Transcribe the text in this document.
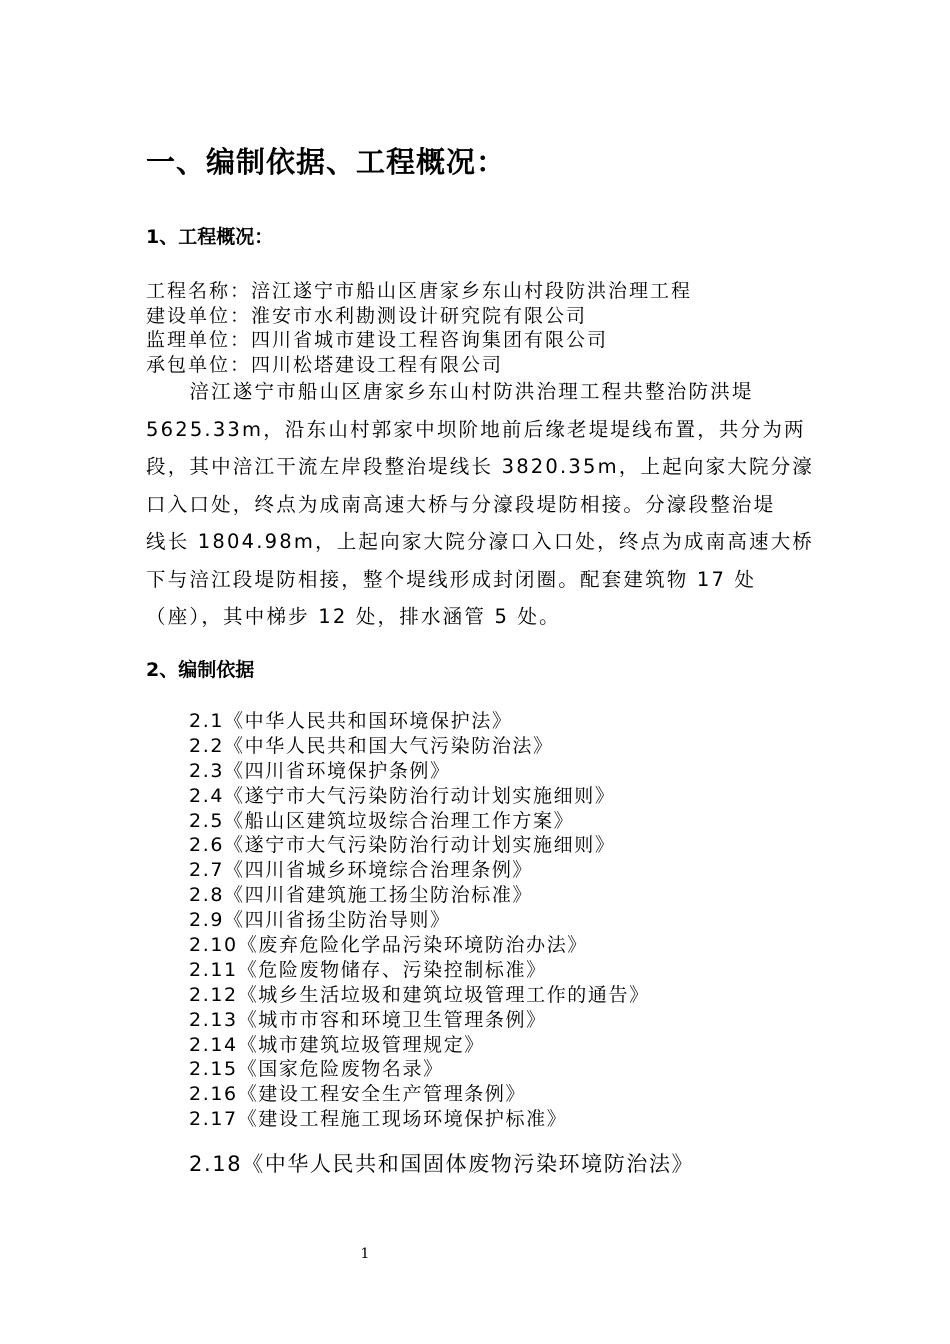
一、编制依据、工程概况：
1、工程概况：
工程名称：涪江遂宁市船山区唐家乡东山村段防洪治理工程
建设单位：淮安市水利勘测设计研究院有限公司
监理单位：四川省城市建设工程咨询集团有限公司
承包单位：四川松塔建设工程有限公司
　　涪江遂宁市船山区唐家乡东山村防洪治理工程共整治防洪堤
5625.33m，沿东山村郭家中坝阶地前后缘老堤堤线布置，共分为两
段，其中涪江干流左岸段整治堤线长 3820.35m，上起向家大院分濠
口入口处，终点为成南高速大桥与分濠段堤防相接。分濠段整治堤
线长 1804.98m，上起向家大院分濠口入口处，终点为成南高速大桥
下与涪江段堤防相接，整个堤线形成封闭圈。配套建筑物 17 处
（座），其中梯步 12 处，排水涵管 5 处。
2、编制依据
2.1《中华人民共和国环境保护法》
2.2《中华人民共和国大气污染防治法》
2.3《四川省环境保护条例》
2.4《遂宁市大气污染防治行动计划实施细则》
2.5《船山区建筑垃圾综合治理工作方案》
2.6《遂宁市大气污染防治行动计划实施细则》
2.7《四川省城乡环境综合治理条例》
2.8《四川省建筑施工扬尘防治标准》
2.9《四川省扬尘防治导则》
2.10《废弃危险化学品污染环境防治办法》
2.11《危险废物储存、污染控制标准》
2.12《城乡生活垃圾和建筑垃圾管理工作的通告》
2.13《城市市容和环境卫生管理条例》
2.14《城市建筑垃圾管理规定》
2.15《国家危险废物名录》
2.16《建设工程安全生产管理条例》
2.17《建设工程施工现场环境保护标准》
2.18《中华人民共和国固体废物污染环境防治法》
1
